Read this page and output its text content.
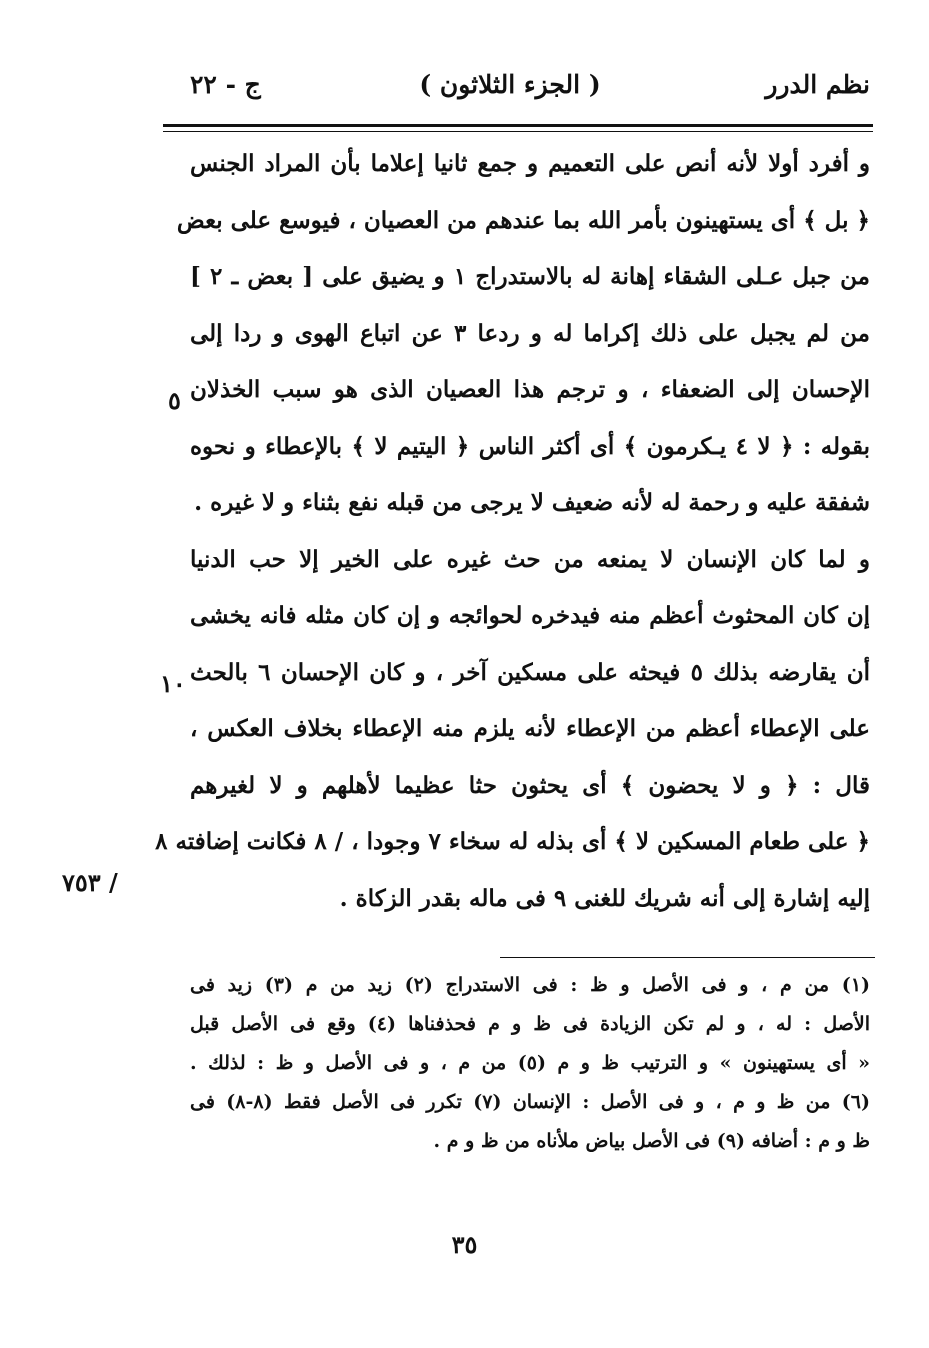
نظم الدرر
( الجزء الثلاثون )
ج - ٢٢
و أفرد أولا لأنه أنص على التعميم و جمع ثانيا إعلاما بأن المراد الجنس
﴿ بل ﴾ أى يستهينون بأمر الله بما عندهم من العصيان ، فيوسع على بعض
من جبل عـلى الشقاء إهانة له بالاستدراج ١ و يضيق على [ بعض ـ ٢ ]
من لم يجبل على ذلك إكراما له و ردعا ٣ عن اتباع الهوى و ردا إلى
الإحسان إلى الضعفاء ، و ترجم هذا العصيان الذى هو سبب الخذلان
بقوله : ﴿ لا ٤ يـكرمون ﴾ أى أكثر الناس ﴿ اليتيم لا ﴾ بالإعطاء و نحوه
شفقة عليه و رحمة له لأنه ضعيف لا يرجى من قبله نفع بثناء و لا غيره .
و لما كان الإنسان لا يمنعه من حث غيره على الخير إلا حب الدنيا
إن كان المحثوث أعظم منه فيدخره لحوائجه و إن كان مثله فانه يخشى
أن يقارضه بذلك ٥ فيحثه على مسكين آخر ، و كان الإحسان ٦ بالحث
على الإعطاء أعظم من الإعطاء لأنه يلزم منه الإعطاء بخلاف العكس ،
قال : ﴿ و لا يحضون ﴾ أى يحثون حثا عظيما لأهلهم و لا لغيرهم
﴿ على طعام المسكين لا ﴾ أى بذله له سخاء ٧ وجودا ، / ٨ فكانت إضافته ٨
إليه إشارة إلى أنه شريك للغنى ٩ فى ماله بقدر الزكاة .
٥
١٠
٧٥٣ /
(١) من م ، و فى الأصل و ظ : فى الاستدراج (٢) زيد من م (٣) زيد فى
الأصل : له ، و لم تكن الزيادة فى ظ و م فحذفناها (٤) وقع فى الأصل قبل
« أى يستهينون » و الترتيب ظ و م (٥) من م ، و فى الأصل و ظ : لذلك .
(٦) من ظ و م ، و فى الأصل : الإنسان (٧) تكرر فى الأصل فقط (٨-٨) فى
ظ و م : أضافه (٩) فى الأصل بياض ملأناه من ظ و م .
٣٥
